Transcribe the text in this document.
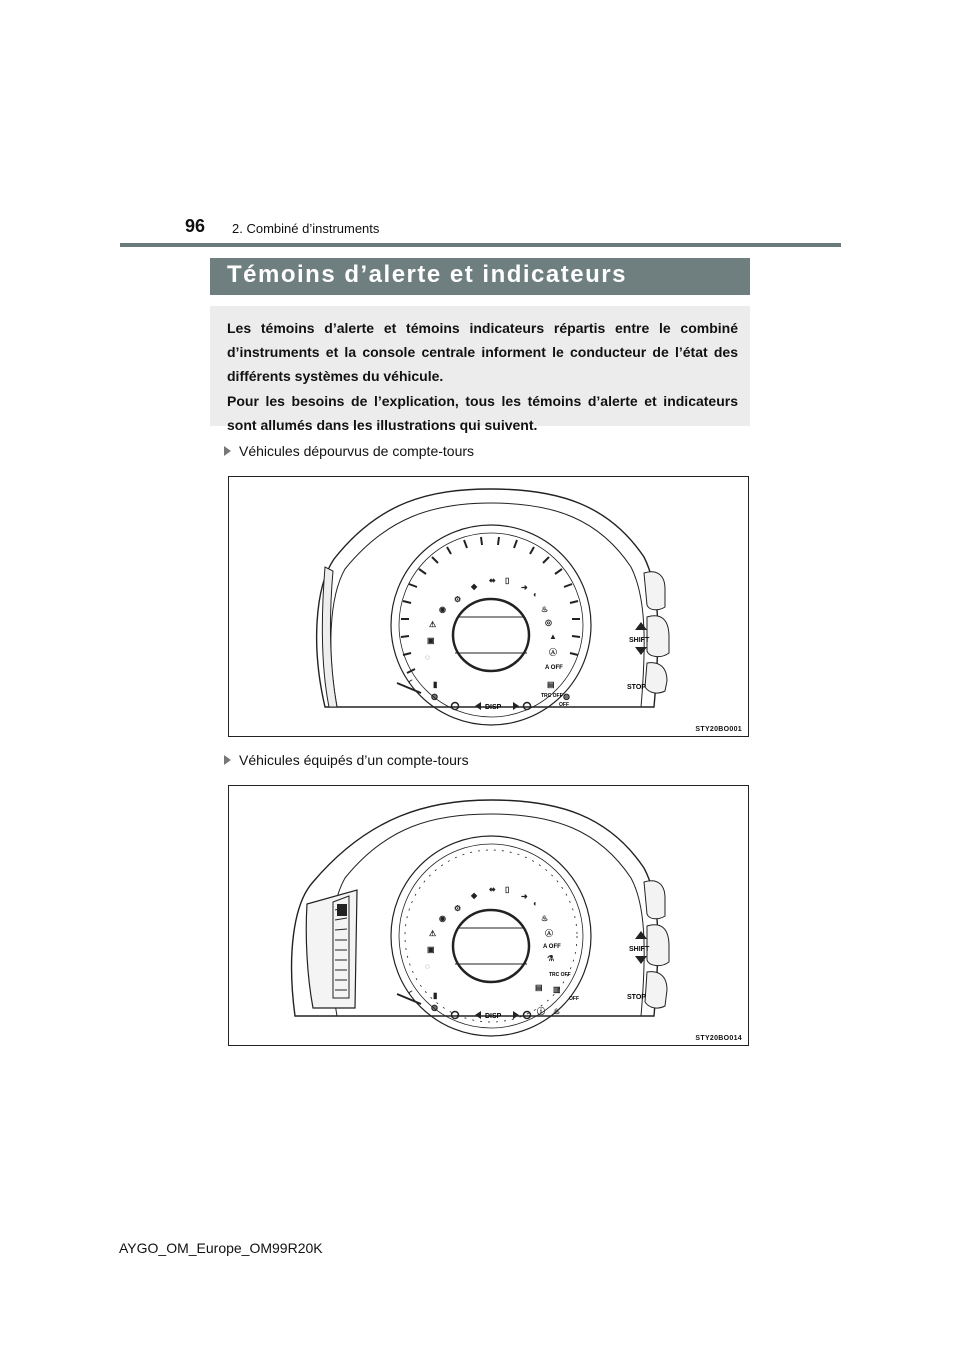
96 2. Combiné d’instruments
Témoins d’alerte et indicateurs
Les témoins d’alerte et témoins indicateurs répartis entre le combiné d’instruments et la console centrale informent le conducteur de l’état des différents systèmes du véhicule.
Pour les besoins de l’explication, tous les témoins d’alerte et indicateurs sont allumés dans les illustrations qui suivent.
Véhicules dépourvus de compte-tours
SHIFT
STOP
⚙
◉
⚠
▣
◌
▮
◍
◆
⬌ ▯
➜
◐
♨
◎
▲
Ⓐ
▤
◍
◜
A OFF
TRC OFF
OFF
DISP
STY20BO001
Véhicules équipés d’un compte-tours
SHIFT
STOP
⚙
◉
⚠
▣
◌
▮
◍
◆
⬌ ▯
➜
◐
♨
Ⓐ
⚗
▤ ▥
ⓘ ♨
◜
A OFF
TRC OFF
OFF
DISP
STY20BO014
AYGO_OM_Europe_OM99R20K
